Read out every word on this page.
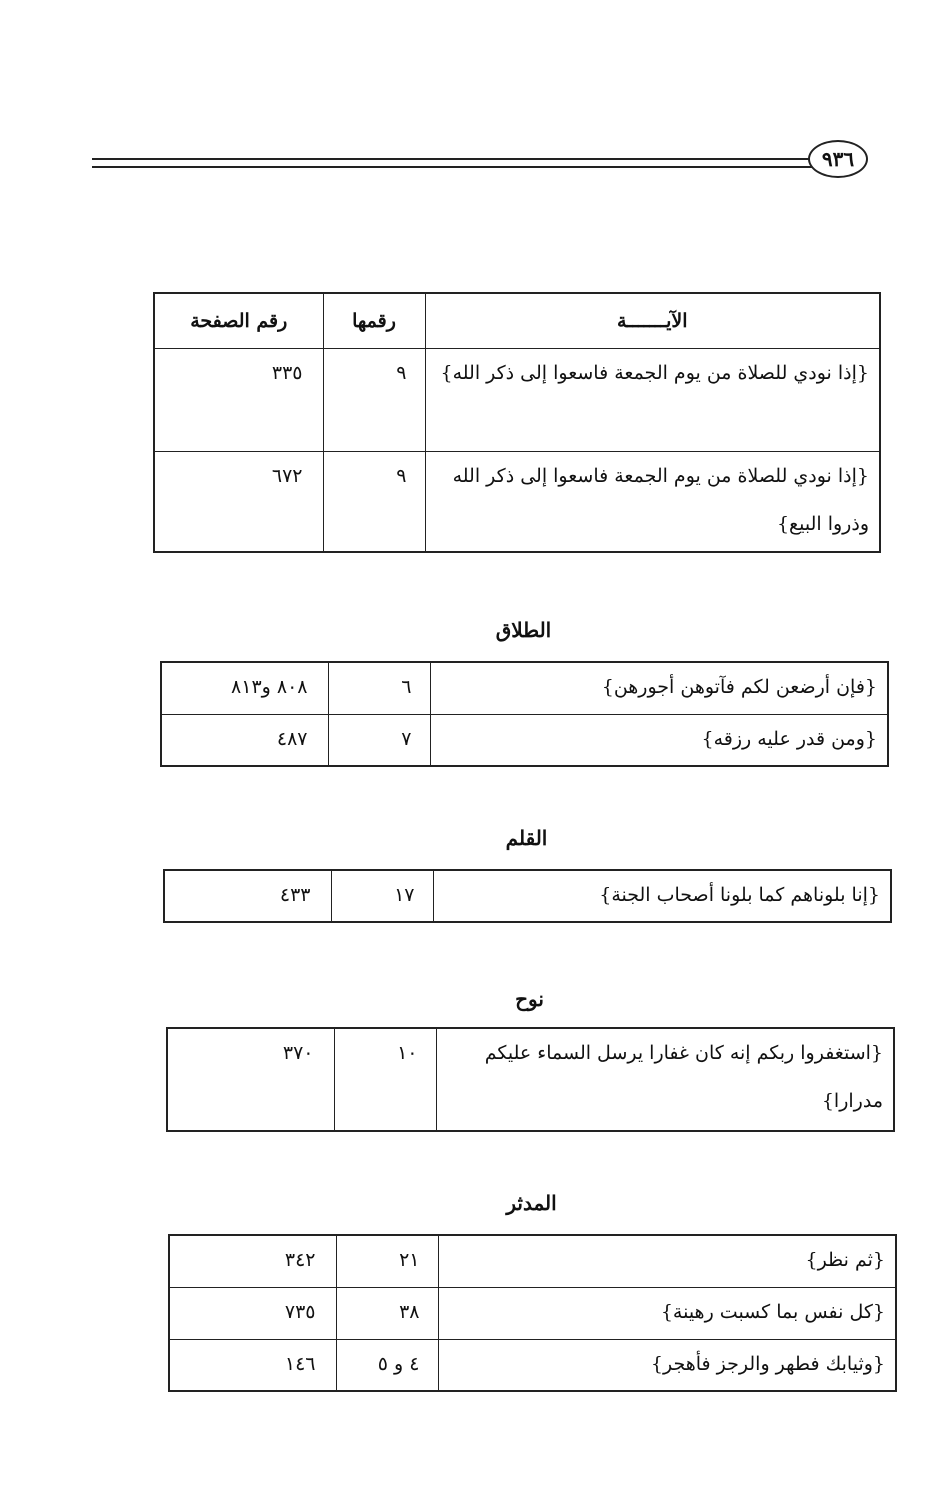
٩٣٦
الآيـــــــة	رقمها	رقم الصفحة
{إذا نودي للصلاة من يوم الجمعة فاسعوا إلى ذكر الله}	٩	٣٣٥
{إذا نودي للصلاة من يوم الجمعة فاسعوا إلى ذكر الله وذروا البيع}	٩	٦٧٢
الطلاق
{فإن أرضعن لكم فآتوهن أجورهن}	٦	٨٠٨ و٨١٣
{ومن قدر عليه رزقه}	٧	٤٨٧
القلم
{إنا بلوناهم كما بلونا أصحاب الجنة}	١٧	٤٣٣
نوح
{استغفروا ربكم إنه كان غفارا يرسل السماء عليكم مدرارا}	١٠	٣٧٠
المدثر
{ثم نظر}	٢١	٣٤٢
{كل نفس بما كسبت رهينة}	٣٨	٧٣٥
{وثيابك فطهر والرجز فأهجر}	٤ و ٥	١٤٦
